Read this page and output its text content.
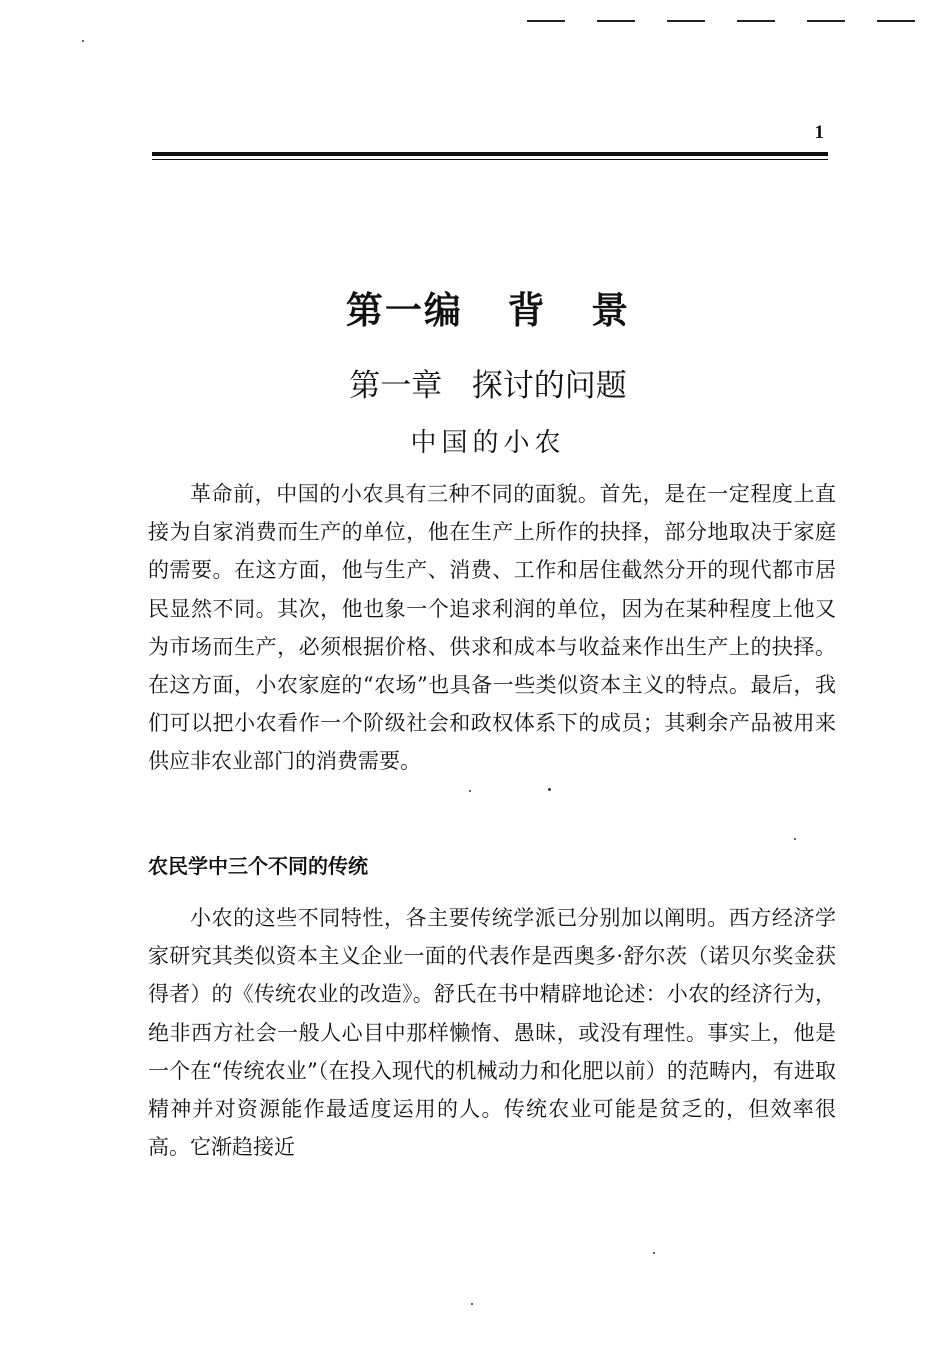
1
第一编   背   景
第一章   探讨的问题
中国的小农

革命前，中国的小农具有三种不同的面貌。首先，是在一定程度上直接为自家消费而生产的单位，他在生产上所作的抉择，部分地取决于家庭的需要。在这方面，他与生产、消费、工作和居住截然分开的现代都市居民显然不同。其次，他也象一个追求利润的单位，因为在某种程度上他又为市场而生产，必须根据价格、供求和成本与收益来作出生产上的抉择。在这方面，小农家庭的“农场”也具备一些类似资本主义的特点。最后，我们可以把小农看作一个阶级社会和政权体系下的成员；其剩余产品被用来供应非农业部门的消费需要。

农民学中三个不同的传统

小农的这些不同特性，各主要传统学派已分别加以阐明。西方经济学家研究其类似资本主义企业一面的代表作是西奥多·舒尔茨（诺贝尔奖金获得者）的《传统农业的改造》。舒氏在书中精辟地论述：小农的经济行为，绝非西方社会一般人心目中那样懒惰、愚昧，或没有理性。事实上，他是一个在“传统农业”（在投入现代的机械动力和化肥以前）的范畴内，有进取精神并对资源能作最适度运用的人。传统农业可能是贫乏的，但效率很高。它渐趋接近
